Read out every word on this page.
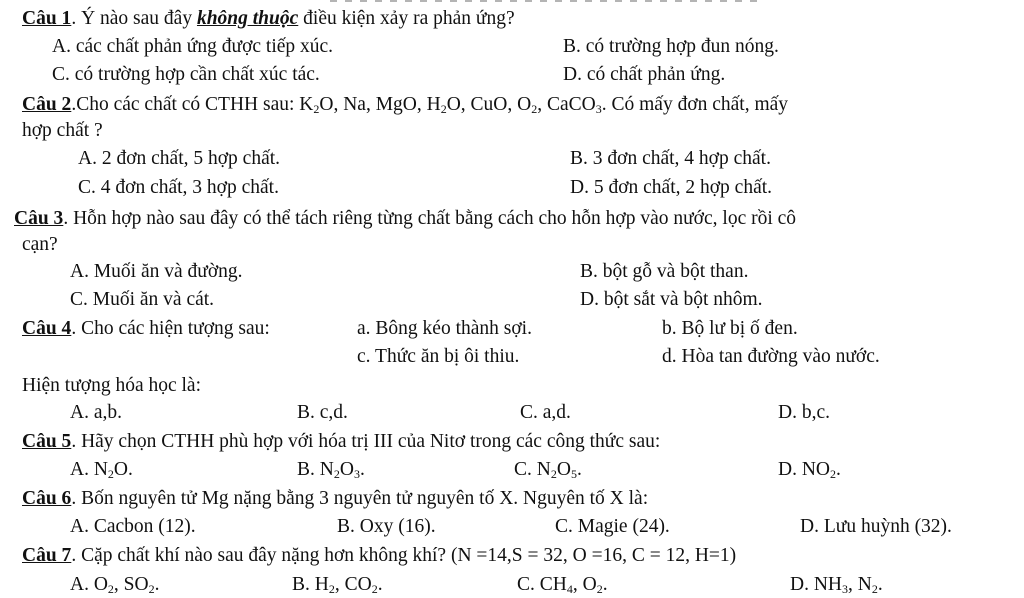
Câu 1. Ý nào sau đây không thuộc điều kiện xảy ra phản ứng?
A. các chất phản ứng được tiếp xúc.	B. có trường hợp đun nóng.
C. có trường hợp cần chất xúc tác.	D. có chất phản ứng.
Câu 2.Cho các chất có CTHH sau: $K_2O$, Na, MgO, $H_2O$, CuO, $O_2$, CaCO$_3$. Có mấy đơn chất, mấy
hợp chất ?
A. 2 đơn chất, 5 hợp chất.	B. 3 đơn chất, 4 hợp chất.
C. 4 đơn chất, 3 hợp chất.	D. 5 đơn chất, 2 hợp chất.
Câu 3. Hỗn hợp nào sau đây có thể tách riêng từng chất bằng cách cho hỗn hợp vào nước, lọc rồi cô
cạn?
A. Muối ăn và đường.	B. bột gỗ và bột than.
C. Muối ăn và cát.	D. bột sắt và bột nhôm.
Câu 4. Cho các hiện tượng sau:	a. Bông kéo thành sợi.	b. Bộ lư bị ố đen.
c. Thức ăn bị ôi thiu.	d. Hòa tan đường vào nước.
Hiện tượng hóa học là:
A. a,b.	B. c,d.	C. a,d.	D. b,c.
Câu 5. Hãy chọn CTHH phù hợp với hóa trị III của Nitơ trong các công thức sau:
A. $N_2O$.	B. $N_2O_3$.	C. $N_2O_5$.	D. $NO_2$.
Câu 6. Bốn nguyên tử Mg nặng bằng 3 nguyên tử nguyên tố X. Nguyên tố X là:
A. Cacbon (12).	B. Oxy (16).	C. Magie (24).	D. Lưu huỳnh (32).
Câu 7. Cặp chất khí nào sau đây nặng hơn không khí? (N =14,S = 32, O =16, C = 12, H=1)
A. $O_2$, $SO_2$.	B. $H_2$, $CO_2$.	C. $CH_4$, $O_2$.	D. $NH_3$, $N_2$.
